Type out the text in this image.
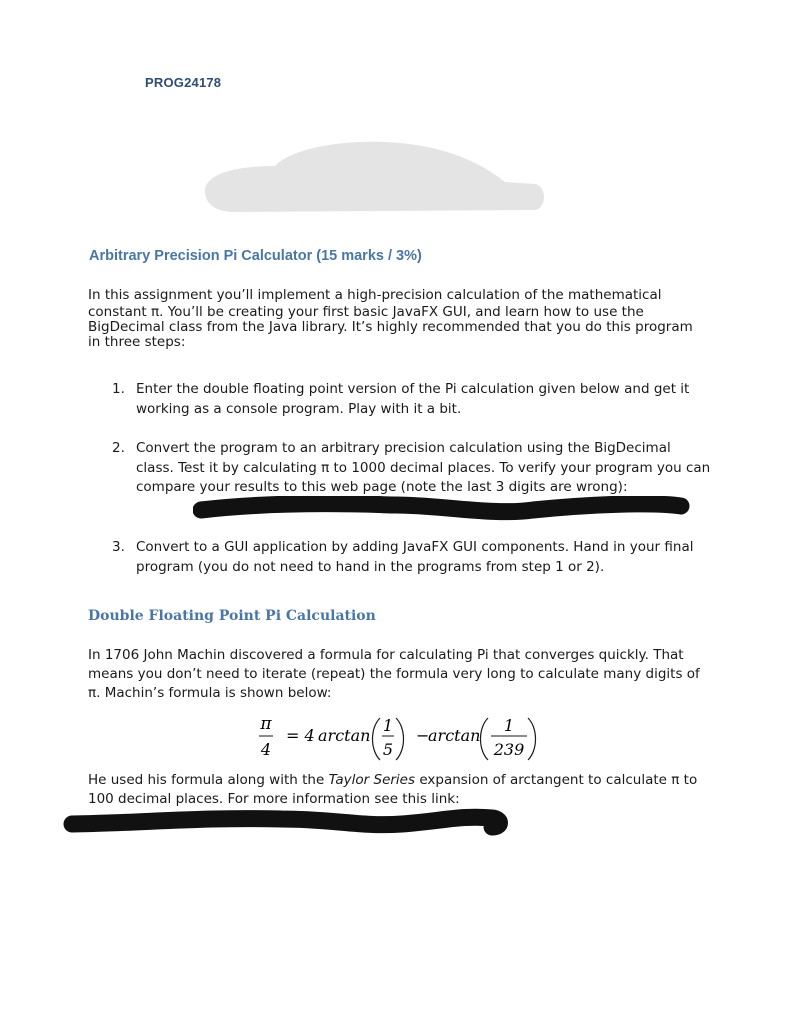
PROG24178
Arbitrary Precision Pi Calculator (15 marks / 3%)
In this assignment you’ll implement a high-precision calculation of the mathematical
constant π. You’ll be creating your first basic JavaFX GUI, and learn how to use the BigDecimal class from the Java library. It’s highly recommended that you do this program in three steps:
1. Enter the double floating point version of the Pi calculation given below and get it working as a console program. Play with it a bit.
2. Convert the program to an arbitrary precision calculation using the BigDecimal class. Test it by calculating π to 1000 decimal places. To verify your program you can compare your results to this web page (note the last 3 digits are wrong):
3. Convert to a GUI application by adding JavaFX GUI components. Hand in your final program (you do not need to hand in the programs from step 1 or 2).
Double Floating Point Pi Calculation
In 1706 John Machin discovered a formula for calculating Pi that converges quickly. That means you don’t need to iterate (repeat) the formula very long to calculate many digits of π. Machin’s formula is shown below:
π
4
= 4 arctan
1
5
−
arctan
1
239
He used his formula along with the Taylor Series expansion of arctangent to calculate π to 100 decimal places. For more information see this link:
